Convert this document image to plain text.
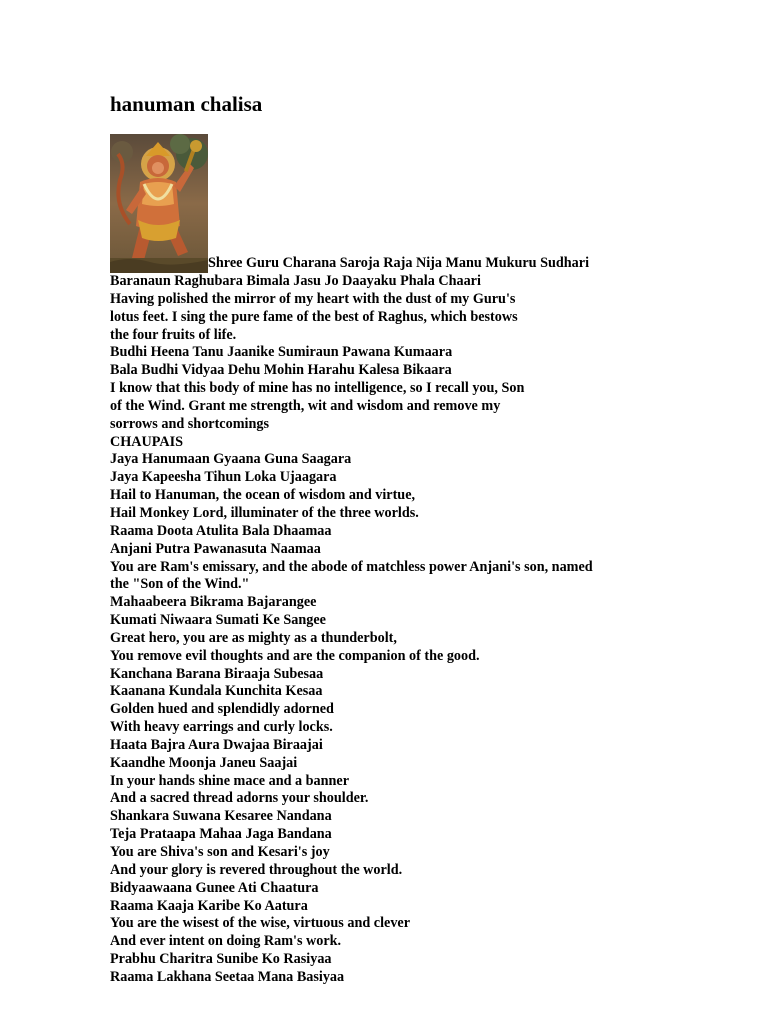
hanuman chalisa
Shree Guru Charana Saroja Raja Nija Manu Mukuru Sudhari
Baranaun Raghubara Bimala Jasu Jo Daayaku Phala Chaari
Having polished the mirror of my heart with the dust of my Guru's
lotus feet. I sing the pure fame of the best of Raghus, which bestows
the four fruits of life.
Budhi Heena Tanu Jaanike Sumiraun Pawana Kumaara
Bala Budhi Vidyaa Dehu Mohin Harahu Kalesa Bikaara
I know that this body of mine has no intelligence, so I recall you, Son
of the Wind. Grant me strength, wit and wisdom and remove my
sorrows and shortcomings
CHAUPAIS
Jaya Hanumaan Gyaana Guna Saagara
Jaya Kapeesha Tihun Loka Ujaagara
Hail to Hanuman, the ocean of wisdom and virtue,
Hail Monkey Lord, illuminater of the three worlds.
Raama Doota Atulita Bala Dhaamaa
Anjani Putra Pawanasuta Naamaa
You are Ram's emissary, and the abode of matchless power Anjani's son, named
the "Son of the Wind."
Mahaabeera Bikrama Bajarangee
Kumati Niwaara Sumati Ke Sangee
Great hero, you are as mighty as a thunderbolt,
You remove evil thoughts and are the companion of the good.
Kanchana Barana Biraaja Subesaa
Kaanana Kundala Kunchita Kesaa
Golden hued and splendidly adorned
With heavy earrings and curly locks.
Haata Bajra Aura Dwajaa Biraajai
Kaandhe Moonja Janeu Saajai
In your hands shine mace and a banner
And a sacred thread adorns your shoulder.
Shankara Suwana Kesaree Nandana
Teja Prataapa Mahaa Jaga Bandana
You are Shiva's son and Kesari's joy
And your glory is revered throughout the world.
Bidyaawaana Gunee Ati Chaatura
Raama Kaaja Karibe Ko Aatura
You are the wisest of the wise, virtuous and clever
And ever intent on doing Ram's work.
Prabhu Charitra Sunibe Ko Rasiyaa
Raama Lakhana Seetaa Mana Basiyaa
